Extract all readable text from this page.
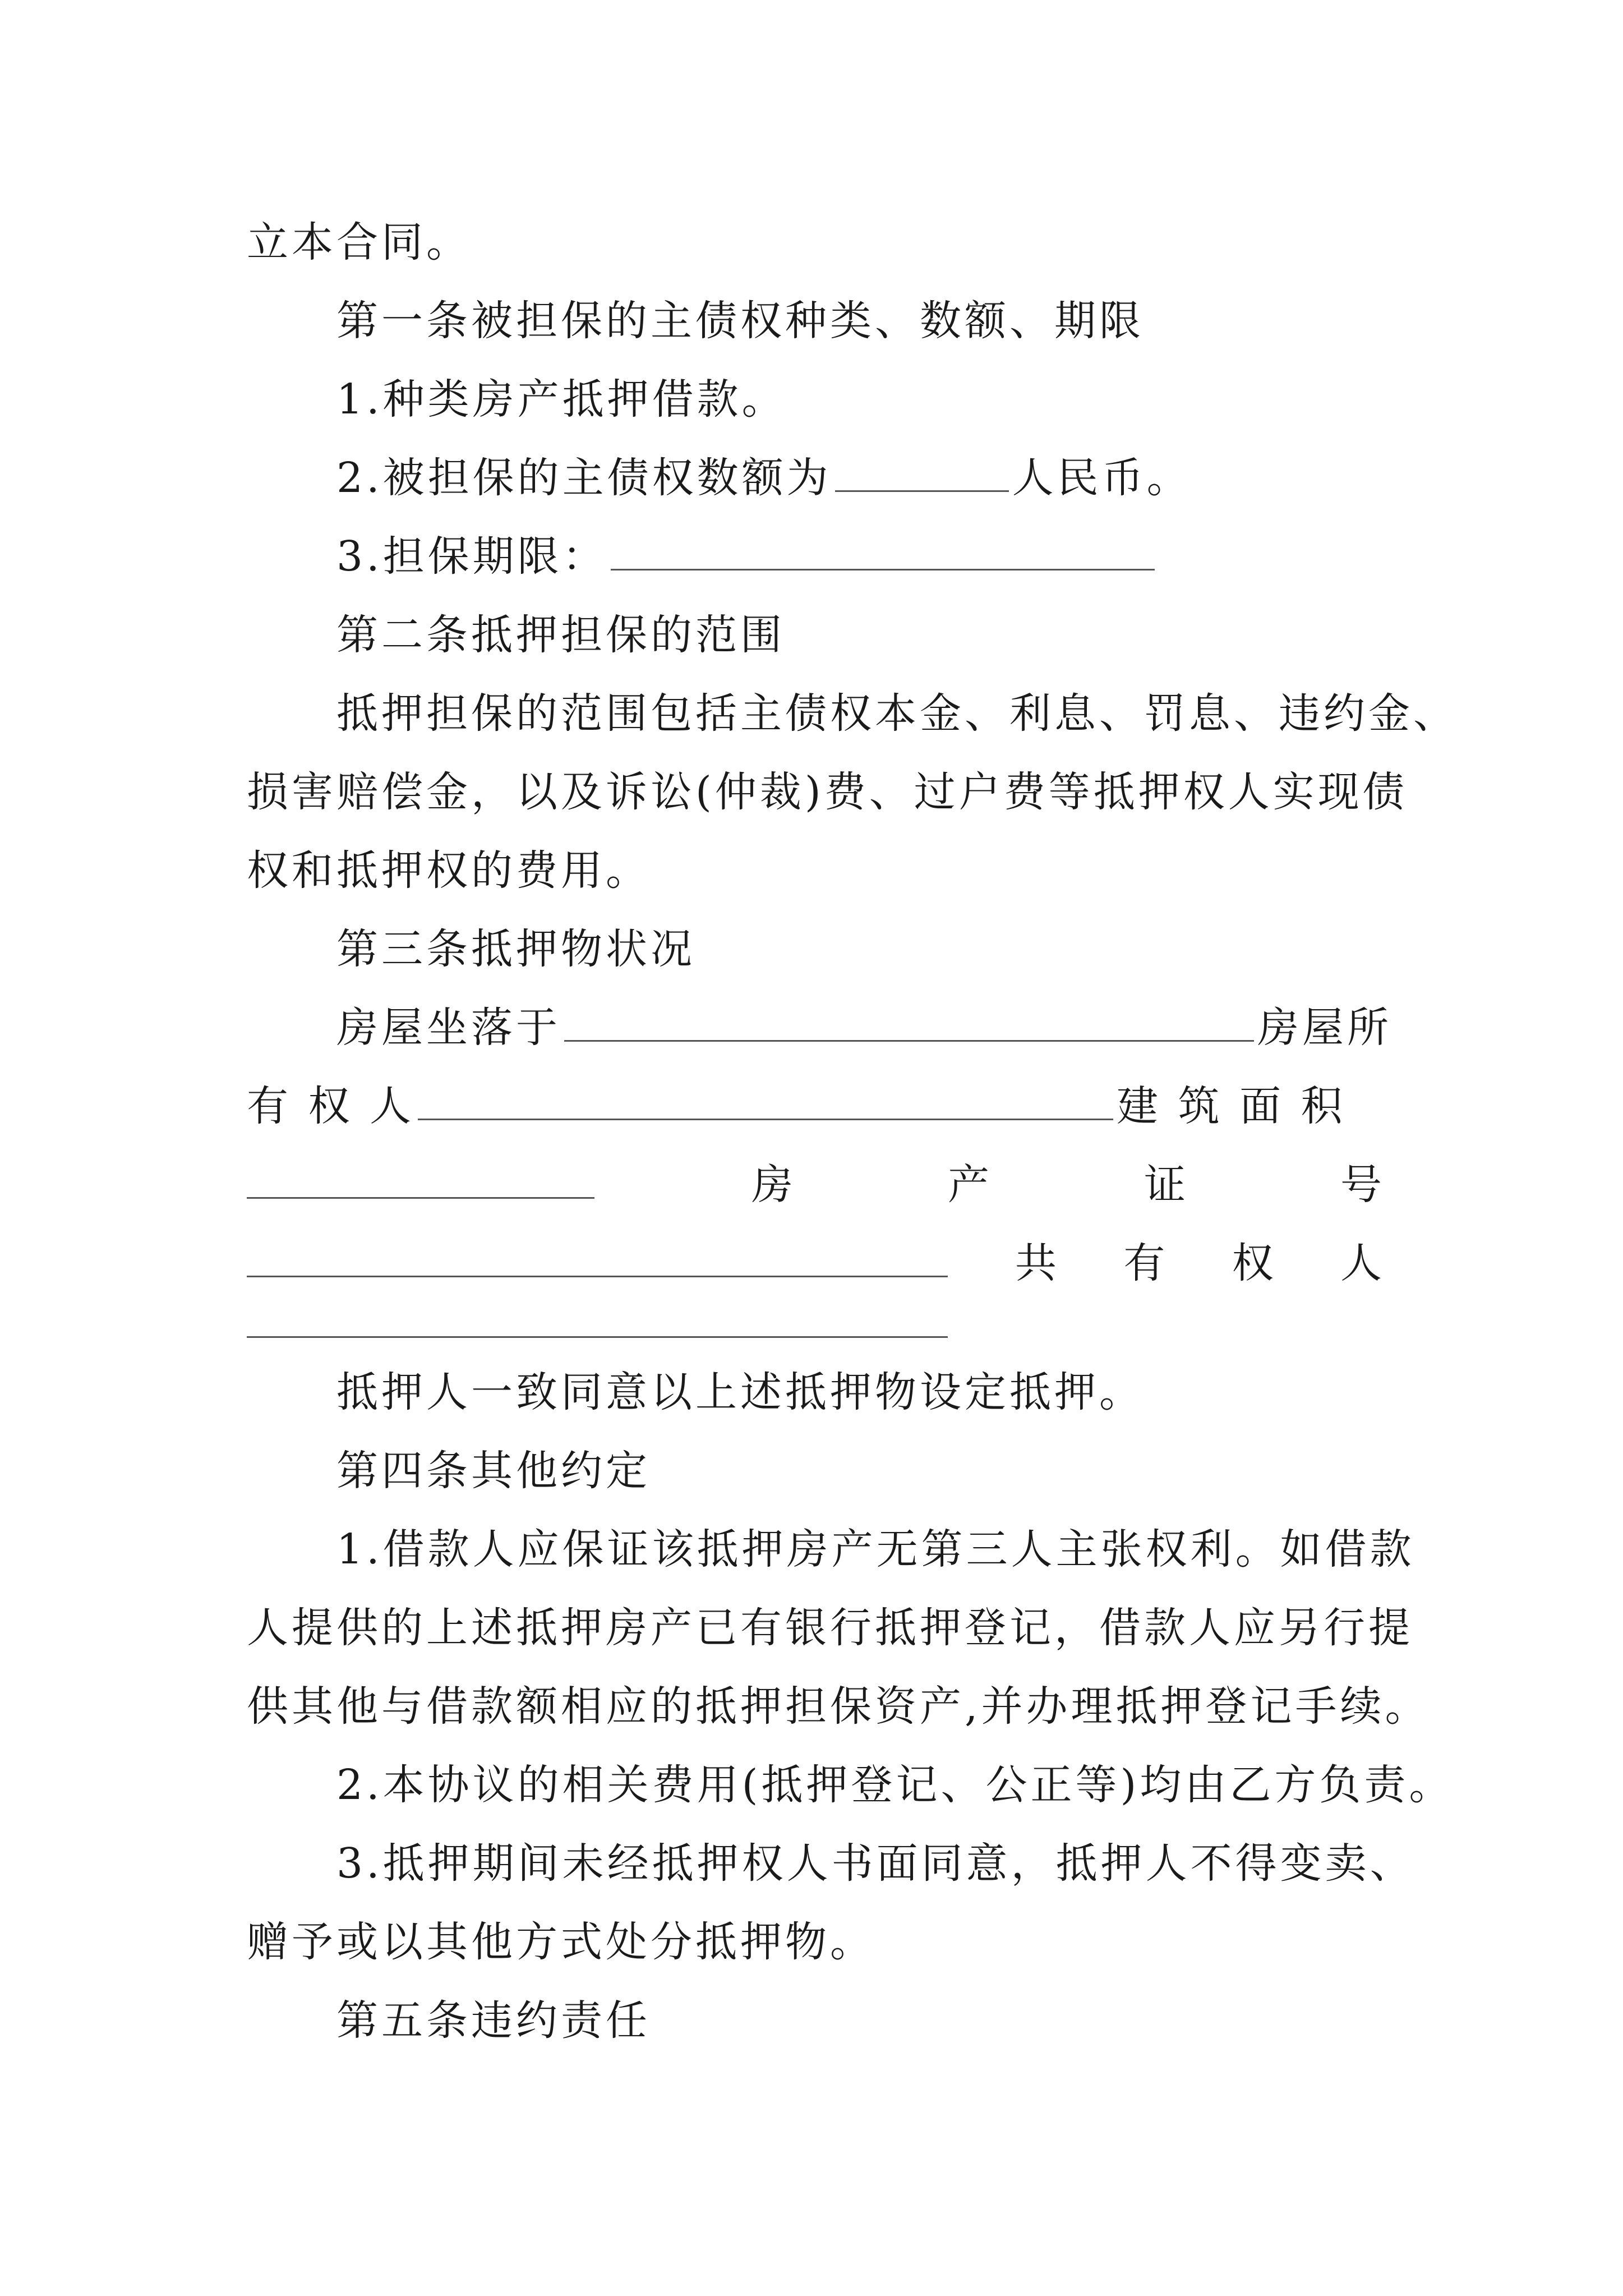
立本合同。
第一条被担保的主债权种类、数额、期限
1.种类房产抵押借款。
2.被担保的主债权数额为	人民币。
3.担保期限：
第二条抵押担保的范围
抵押担保的范围包括主债权本金、利息、罚息、违约金、
损害赔偿金，以及诉讼(仲裁)费、过户费等抵押权人实现债
权和抵押权的费用。
第三条抵押物状况
房屋坐落于	房屋所
有 权 人	建 筑 面 积
房	产	证	号
共 有 权 人
抵押人一致同意以上述抵押物设定抵押。
第四条其他约定
1.借款人应保证该抵押房产无第三人主张权利。如借款
人提供的上述抵押房产已有银行抵押登记，借款人应另行提
供其他与借款额相应的抵押担保资产,并办理抵押登记手续。
2.本协议的相关费用(抵押登记、公正等)均由乙方负责。
3.抵押期间未经抵押权人书面同意，抵押人不得变卖、
赠予或以其他方式处分抵押物。
第五条违约责任
